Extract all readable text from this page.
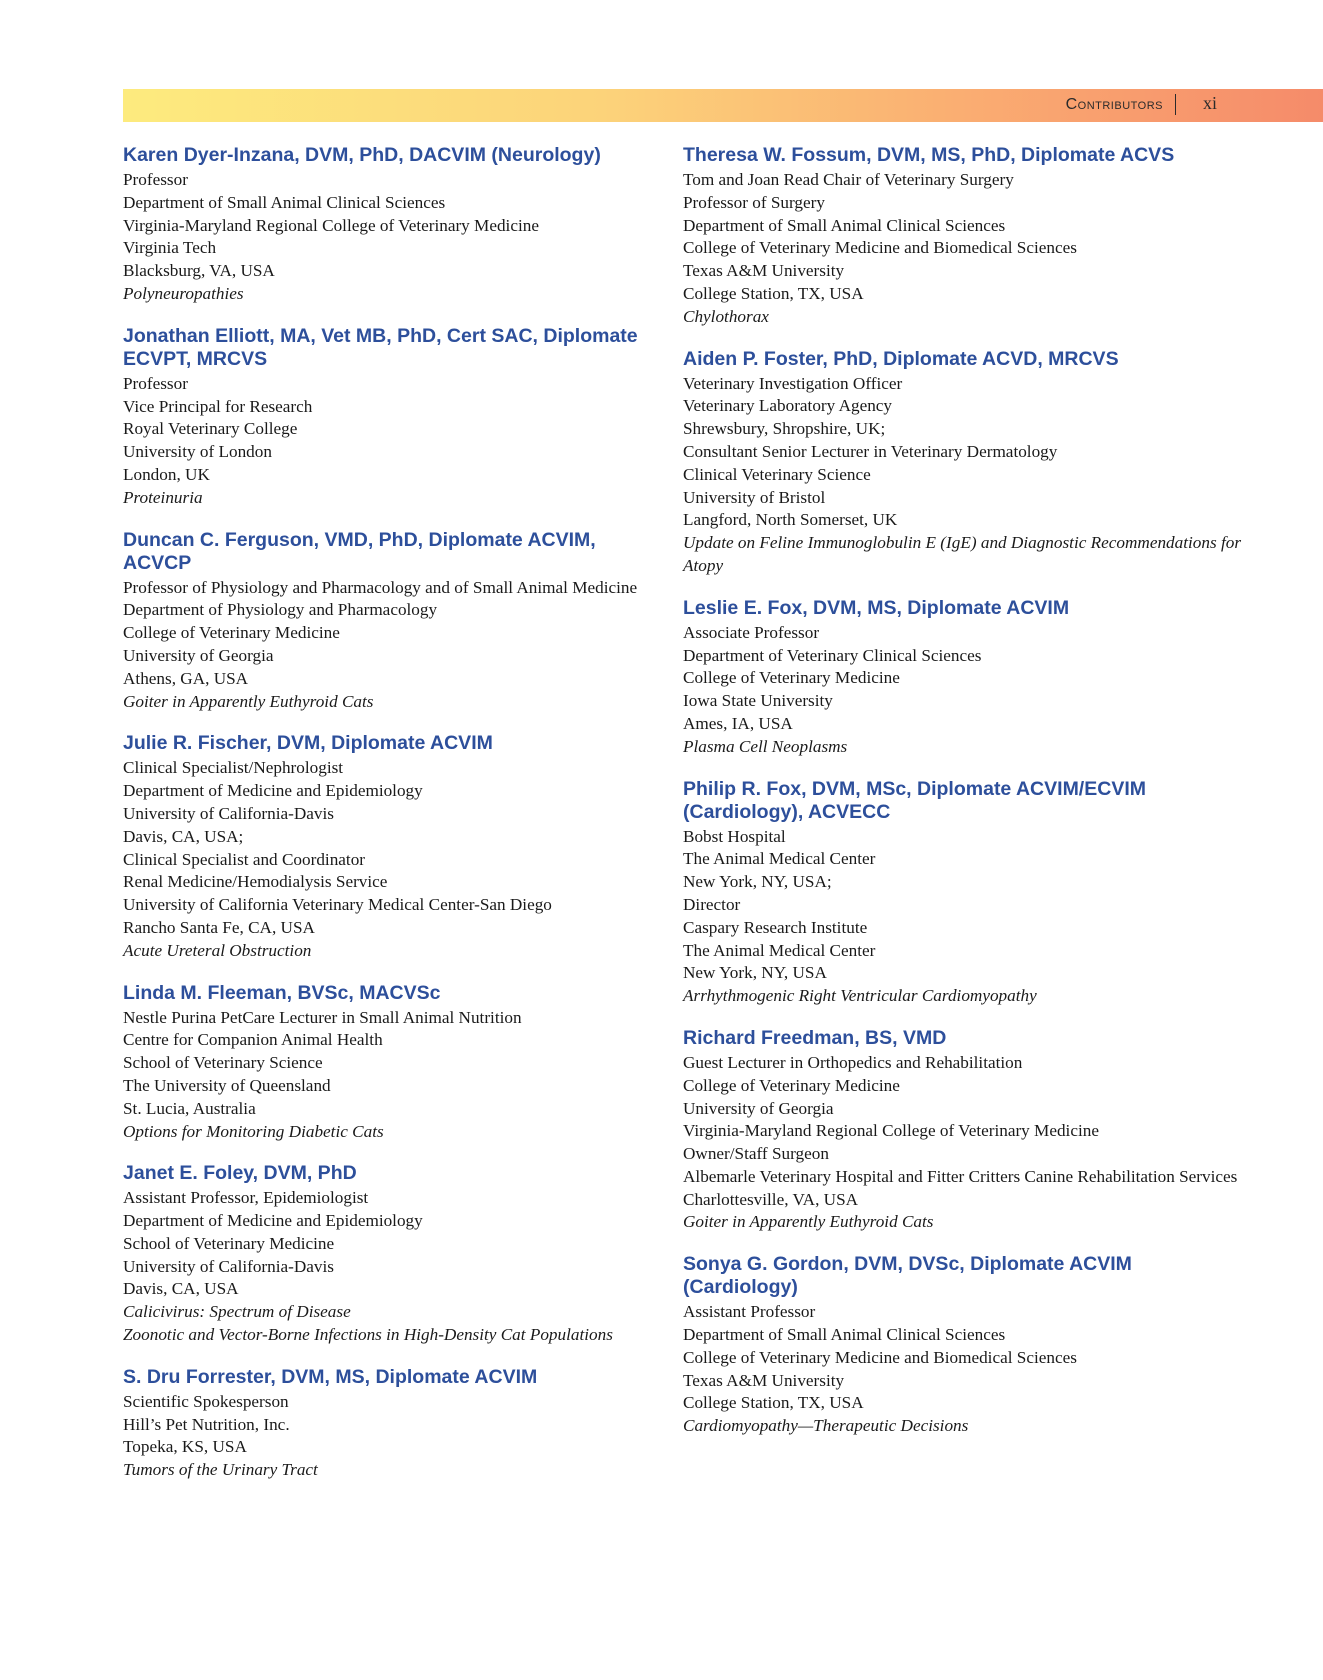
Contributors xi
Karen Dyer-Inzana, DVM, PhD, DACVIM (Neurology)
Professor
Department of Small Animal Clinical Sciences
Virginia-Maryland Regional College of Veterinary Medicine
Virginia Tech
Blacksburg, VA, USA
Polyneuropathies
Jonathan Elliott, MA, Vet MB, PhD, Cert SAC, Diplomate ECVPT, MRCVS
Professor
Vice Principal for Research
Royal Veterinary College
University of London
London, UK
Proteinuria
Duncan C. Ferguson, VMD, PhD, Diplomate ACVIM, ACVCP
Professor of Physiology and Pharmacology and of Small Animal Medicine
Department of Physiology and Pharmacology
College of Veterinary Medicine
University of Georgia
Athens, GA, USA
Goiter in Apparently Euthyroid Cats
Julie R. Fischer, DVM, Diplomate ACVIM
Clinical Specialist/Nephrologist
Department of Medicine and Epidemiology
University of California-Davis
Davis, CA, USA;
Clinical Specialist and Coordinator
Renal Medicine/Hemodialysis Service
University of California Veterinary Medical Center-San Diego
Rancho Santa Fe, CA, USA
Acute Ureteral Obstruction
Linda M. Fleeman, BVSc, MACVSc
Nestle Purina PetCare Lecturer in Small Animal Nutrition
Centre for Companion Animal Health
School of Veterinary Science
The University of Queensland
St. Lucia, Australia
Options for Monitoring Diabetic Cats
Janet E. Foley, DVM, PhD
Assistant Professor, Epidemiologist
Department of Medicine and Epidemiology
School of Veterinary Medicine
University of California-Davis
Davis, CA, USA
Calicivirus: Spectrum of Disease
Zoonotic and Vector-Borne Infections in High-Density Cat Populations
S. Dru Forrester, DVM, MS, Diplomate ACVIM
Scientific Spokesperson
Hill’s Pet Nutrition, Inc.
Topeka, KS, USA
Tumors of the Urinary Tract
Theresa W. Fossum, DVM, MS, PhD, Diplomate ACVS
Tom and Joan Read Chair of Veterinary Surgery
Professor of Surgery
Department of Small Animal Clinical Sciences
College of Veterinary Medicine and Biomedical Sciences
Texas A&M University
College Station, TX, USA
Chylothorax
Aiden P. Foster, PhD, Diplomate ACVD, MRCVS
Veterinary Investigation Officer
Veterinary Laboratory Agency
Shrewsbury, Shropshire, UK;
Consultant Senior Lecturer in Veterinary Dermatology
Clinical Veterinary Science
University of Bristol
Langford, North Somerset, UK
Update on Feline Immunoglobulin E (IgE) and Diagnostic Recommendations for Atopy
Leslie E. Fox, DVM, MS, Diplomate ACVIM
Associate Professor
Department of Veterinary Clinical Sciences
College of Veterinary Medicine
Iowa State University
Ames, IA, USA
Plasma Cell Neoplasms
Philip R. Fox, DVM, MSc, Diplomate ACVIM/ECVIM (Cardiology), ACVECC
Bobst Hospital
The Animal Medical Center
New York, NY, USA;
Director
Caspary Research Institute
The Animal Medical Center
New York, NY, USA
Arrhythmogenic Right Ventricular Cardiomyopathy
Richard Freedman, BS, VMD
Guest Lecturer in Orthopedics and Rehabilitation
College of Veterinary Medicine
University of Georgia
Virginia-Maryland Regional College of Veterinary Medicine
Owner/Staff Surgeon
Albemarle Veterinary Hospital and Fitter Critters Canine Rehabilitation Services
Charlottesville, VA, USA
Goiter in Apparently Euthyroid Cats
Sonya G. Gordon, DVM, DVSc, Diplomate ACVIM (Cardiology)
Assistant Professor
Department of Small Animal Clinical Sciences
College of Veterinary Medicine and Biomedical Sciences
Texas A&M University
College Station, TX, USA
Cardiomyopathy—Therapeutic Decisions
